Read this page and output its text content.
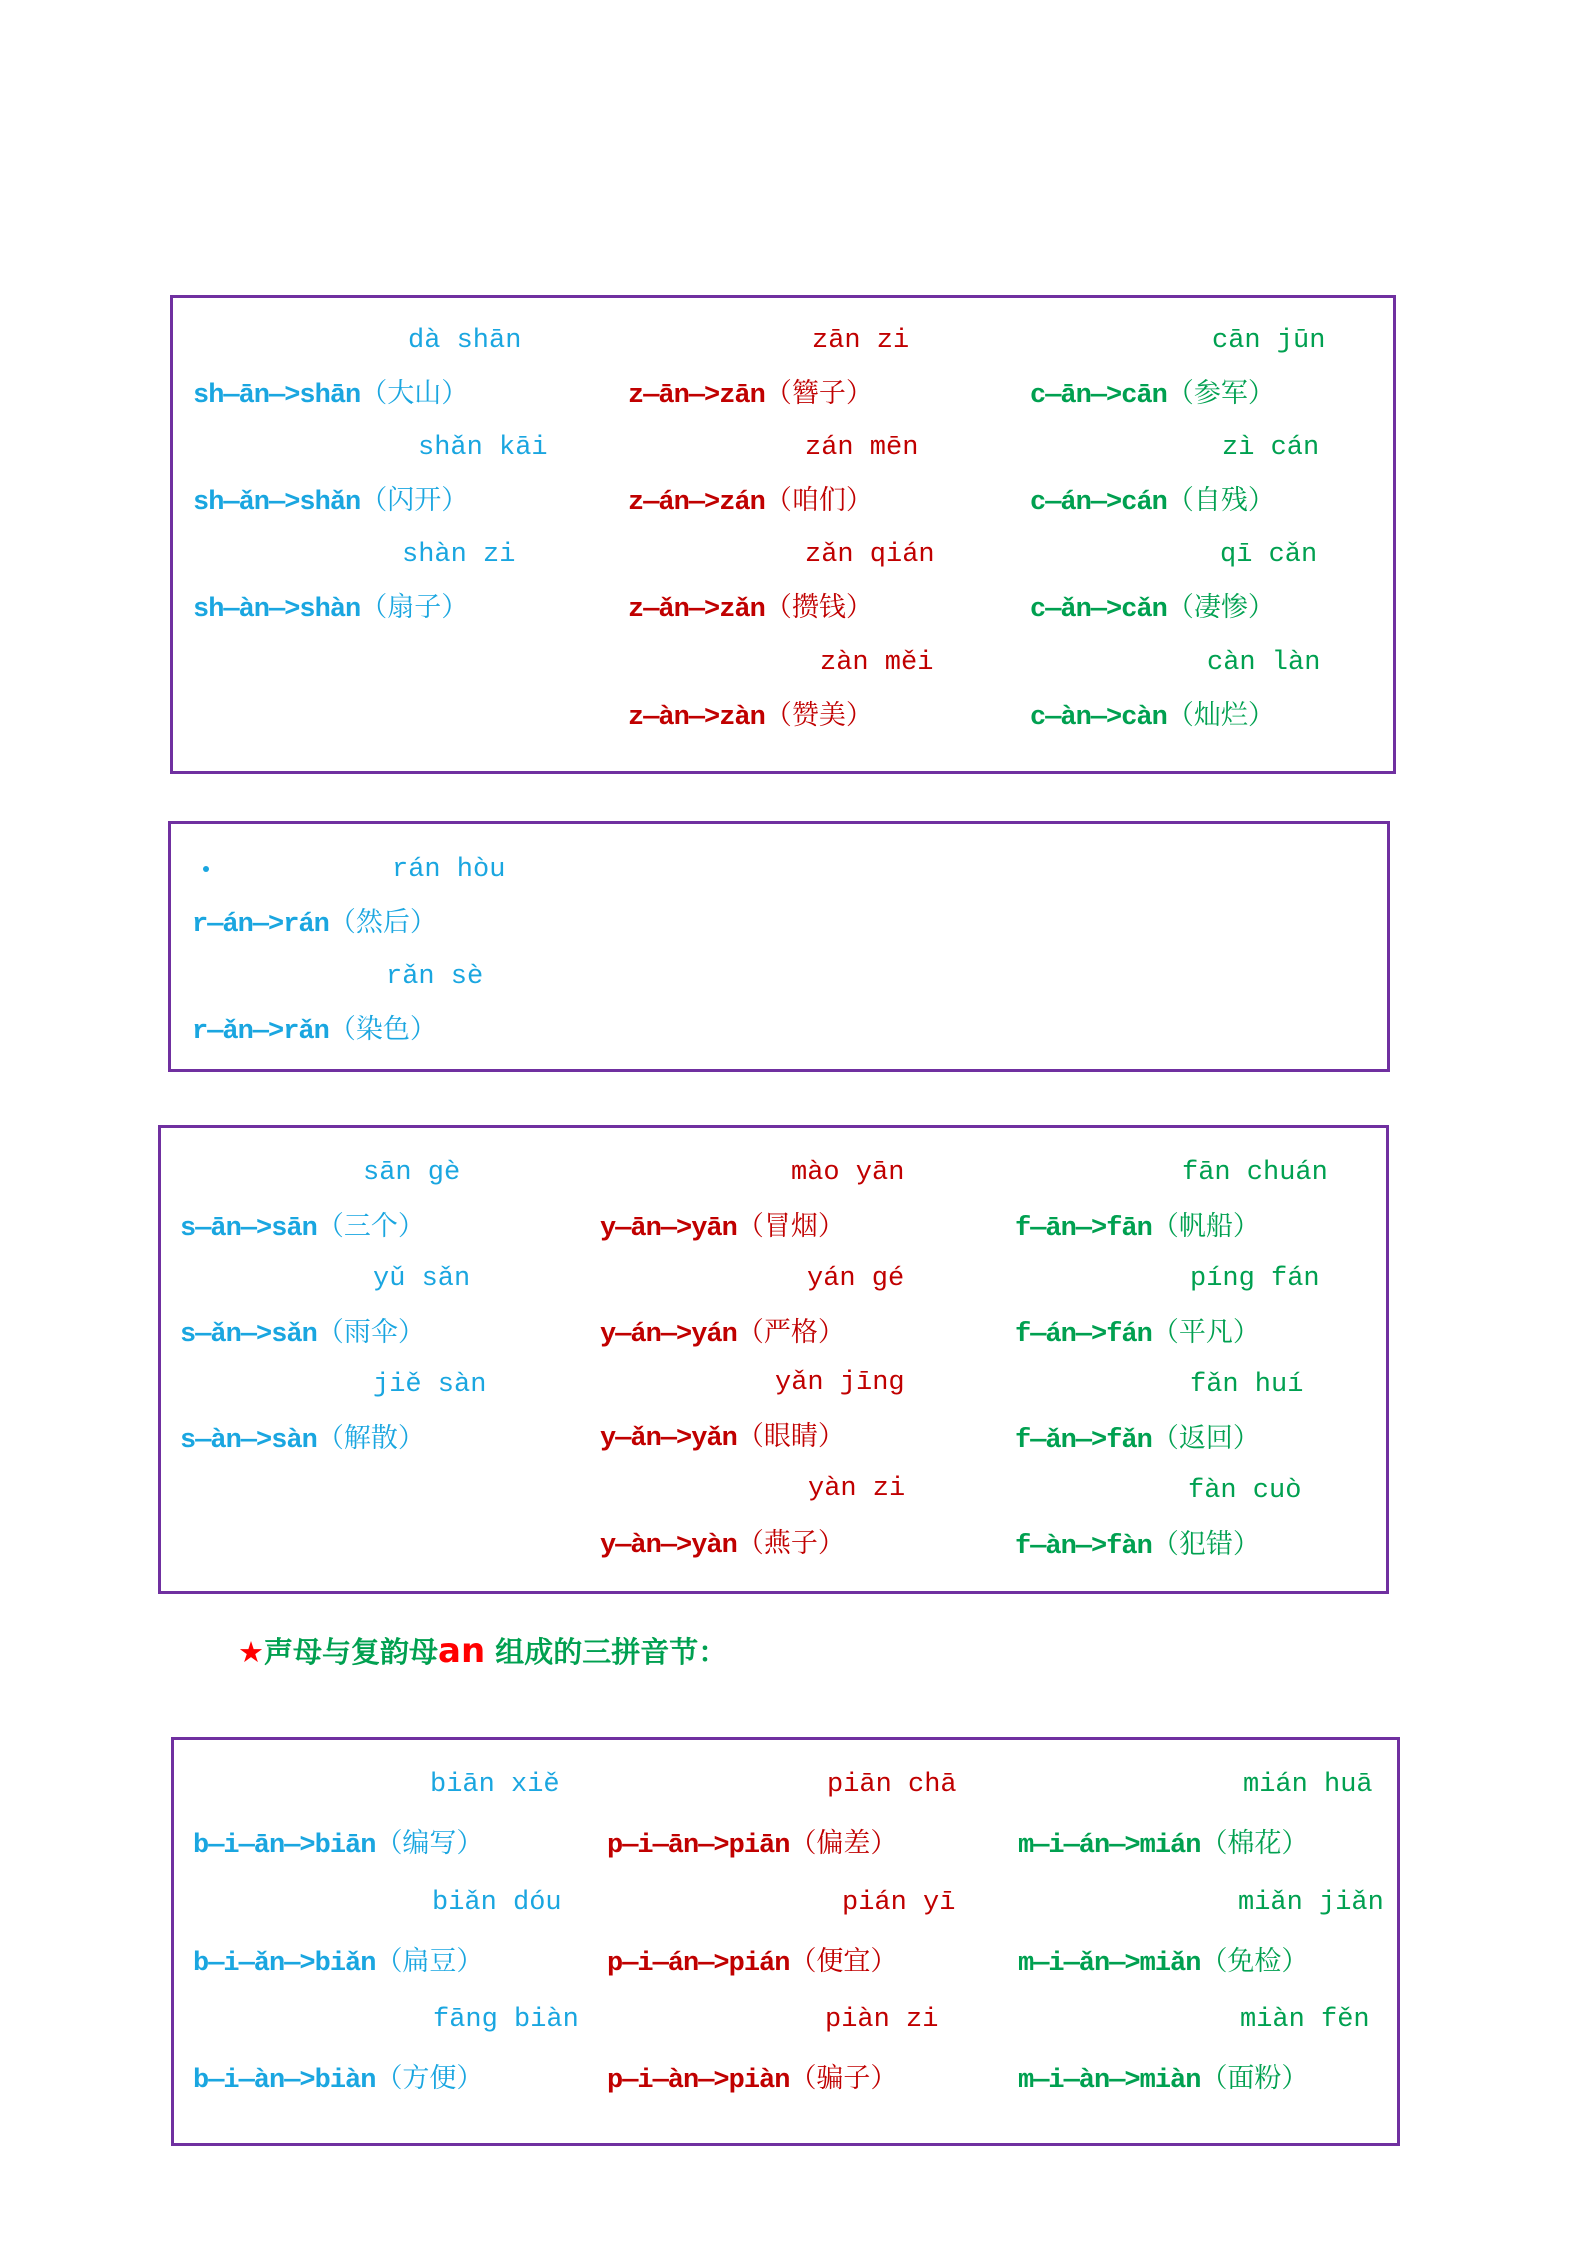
dà shān
sh—ān—>shān（大山）
shǎn kāi
sh—ǎn—>shǎn（闪开）
shàn zi
sh—àn—>shàn（扇子）
zān zi
z—ān—>zān（簪子）
zán mēn
z—án—>zán（咱们）
zǎn qián
z—ǎn—>zǎn（攒钱）
zàn měi
z—àn—>zàn（赞美）
cān jūn
c—ān—>cān（参军）
zì cán
c—án—>cán（自残）
qī cǎn
c—ǎn—>cǎn（凄惨）
càn làn
c—àn—>càn（灿烂）
rán hòu
r—án—>rán（然后）
rǎn sè
r—ǎn—>rǎn（染色）
sān gè
s—ān—>sān（三个）
yǔ sǎn
s—ǎn—>sǎn（雨伞）
jiě sàn
s—àn—>sàn（解散）
mào yān
y—ān—>yān（冒烟）
yán gé
y—án—>yán（严格）
yǎn jīng
y—ǎn—>yǎn（眼睛）
yàn zi
y—àn—>yàn（燕子）
fān chuán
f—ān—>fān（帆船）
píng fán
f—án—>fán（平凡）
fǎn huí
f—ǎn—>fǎn（返回）
fàn cuò
f—àn—>fàn（犯错）
★声母与复韵母an 组成的三拼音节：
biān xiě
b—i—ān—>biān（编写）
biǎn dóu
b—i—ǎn—>biǎn（扁豆）
fāng biàn
b—i—àn—>biàn（方便）
piān chā
p—i—ān—>piān（偏差）
pián yī
p—i—án—>pián（便宜）
piàn zi
p—i—àn—>piàn（骗子）
mián huā
m—i—án—>mián（棉花）
miǎn jiǎn
m—i—ǎn—>miǎn（免检）
miàn fěn
m—i—àn—>miàn（面粉）
